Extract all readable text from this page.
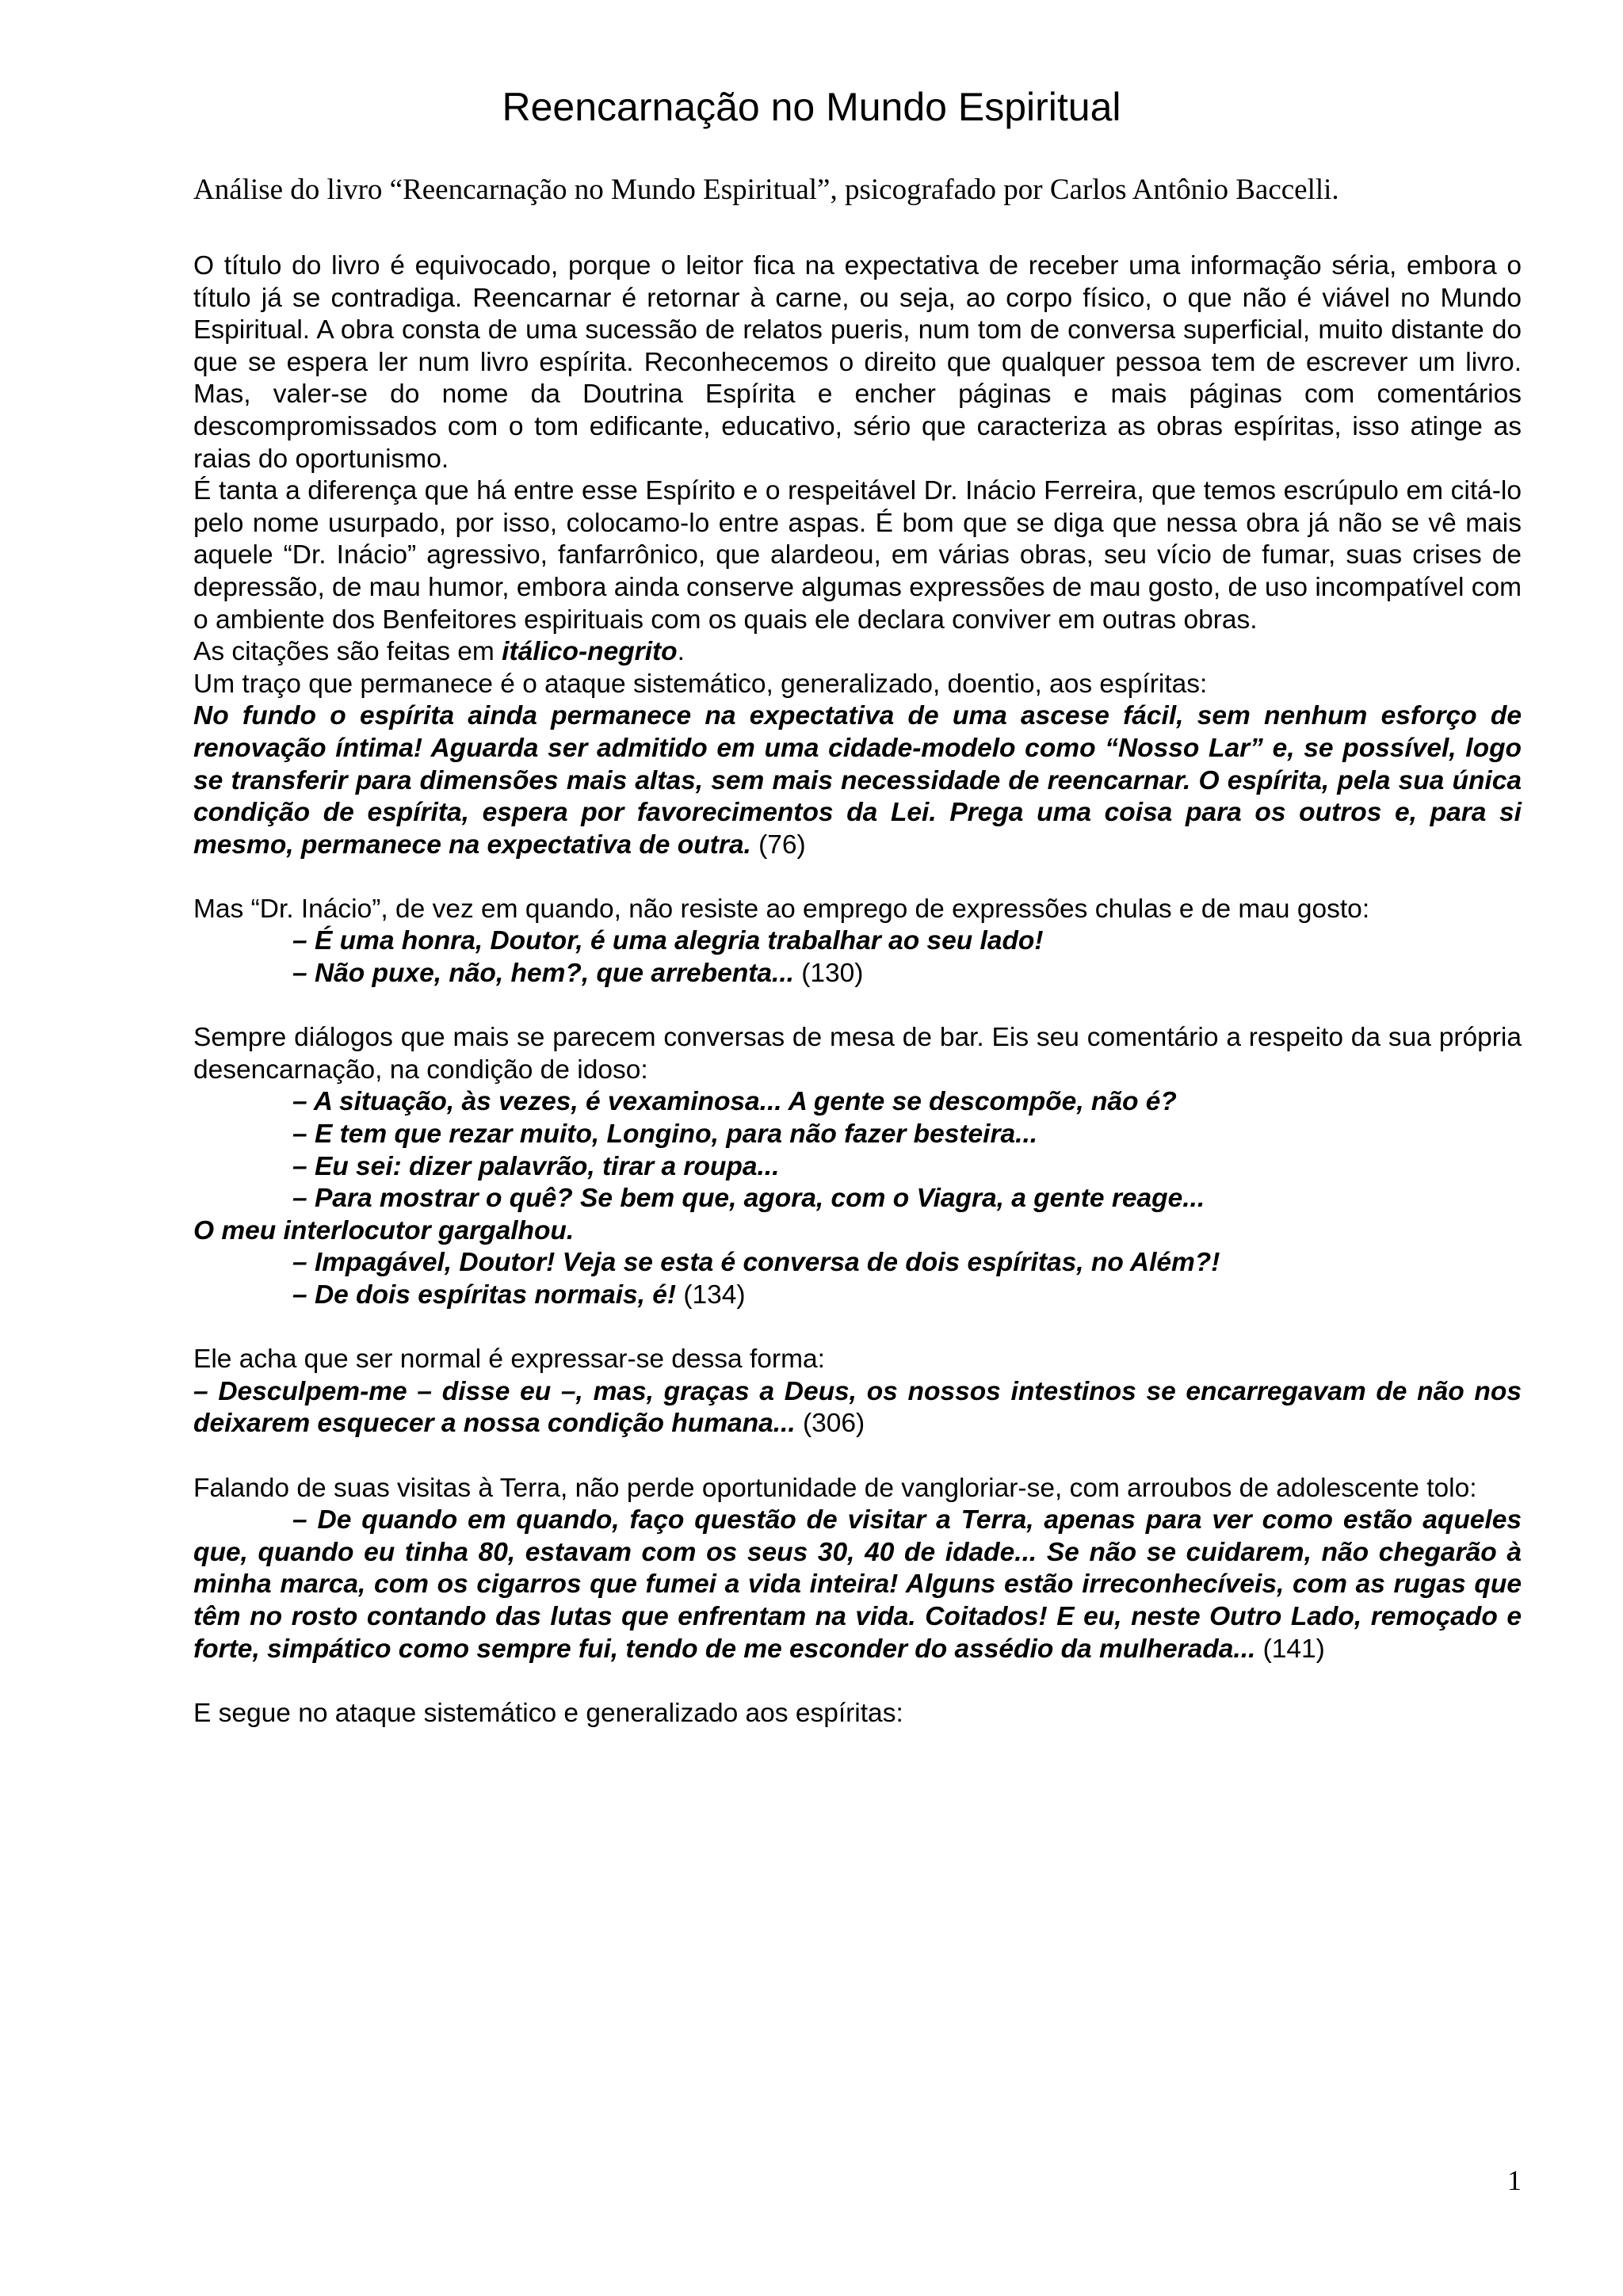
Reencarnação no Mundo Espiritual

Análise do livro “Reencarnação no Mundo Espiritual”, psicografado por Carlos Antônio Baccelli.

O título do livro é equivocado, porque o leitor fica na expectativa de receber uma informação séria, embora o título já se contradiga. Reencarnar é retornar à carne, ou seja, ao corpo físico, o que não é viável no Mundo Espiritual. A obra consta de uma sucessão de relatos pueris, num tom de conversa superficial, muito distante do que se espera ler num livro espírita. Reconhecemos o direito que qualquer pessoa tem de escrever um livro. Mas, valer-se do nome da Doutrina Espírita e encher páginas e mais páginas com comentários descompromissados com o tom edificante, educativo, sério que caracteriza as obras espíritas, isso atinge as raias do oportunismo.

É tanta a diferença que há entre esse Espírito e o respeitável Dr. Inácio Ferreira, que temos escrúpulo em citá-lo pelo nome usurpado, por isso, colocamo-lo entre aspas. É bom que se diga que nessa obra já não se vê mais aquele “Dr. Inácio” agressivo, fanfarrônico, que alardeou, em várias obras, seu vício de fumar, suas crises de depressão, de mau humor, embora ainda conserve algumas expressões de mau gosto, de uso incompatível com o ambiente dos Benfeitores espirituais com os quais ele declara conviver em outras obras.

As citações são feitas em itálico-negrito.

Um traço que permanece é o ataque sistemático, generalizado, doentio, aos espíritas:

No fundo o espírita ainda permanece na expectativa de uma ascese fácil, sem nenhum esforço de renovação íntima! Aguarda ser admitido em uma cidade-modelo como “Nosso Lar” e, se possível, logo se transferir para dimensões mais altas, sem mais necessidade de reencarnar. O espírita, pela sua única condição de espírita, espera por favorecimentos da Lei. Prega uma coisa para os outros e, para si mesmo, permanece na expectativa de outra. (76)

Mas “Dr. Inácio”, de vez em quando, não resiste ao emprego de expressões chulas e de mau gosto:

– É uma honra, Doutor, é uma alegria trabalhar ao seu lado!

– Não puxe, não, hem?, que arrebenta... (130)

Sempre diálogos que mais se parecem conversas de mesa de bar. Eis seu comentário a respeito da sua própria desencarnação, na condição de idoso:

– A situação, às vezes, é vexaminosa... A gente se descompõe, não é?

– E tem que rezar muito, Longino, para não fazer besteira...

– Eu sei: dizer palavrão, tirar a roupa...

– Para mostrar o quê? Se bem que, agora, com o Viagra, a gente reage...

O meu interlocutor gargalhou.

– Impagável, Doutor! Veja se esta é conversa de dois espíritas, no Além?!

– De dois espíritas normais, é! (134)

Ele acha que ser normal é expressar-se dessa forma:

– Desculpem-me – disse eu –, mas, graças a Deus, os nossos intestinos se encarregavam de não nos deixarem esquecer a nossa condição humana... (306)

Falando de suas visitas à Terra, não perde oportunidade de vangloriar-se, com arroubos de adolescente tolo:

– De quando em quando, faço questão de visitar a Terra, apenas para ver como estão aqueles que, quando eu tinha 80, estavam com os seus 30, 40 de idade... Se não se cuidarem, não chegarão à minha marca, com os cigarros que fumei a vida inteira! Alguns estão irreconhecíveis, com as rugas que têm no rosto contando das lutas que enfrentam na vida. Coitados! E eu, neste Outro Lado, remoçado e forte, simpático como sempre fui, tendo de me esconder do assédio da mulherada... (141)

E segue no ataque sistemático e generalizado aos espíritas:

1
